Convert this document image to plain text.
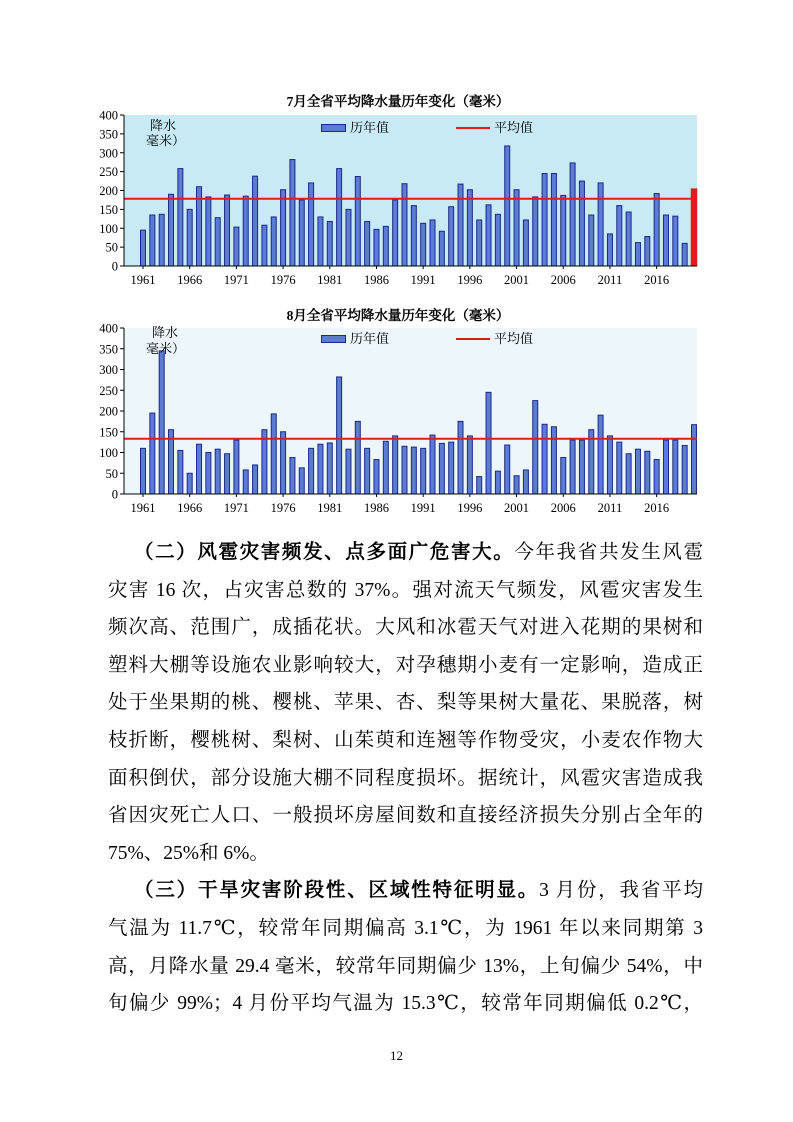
0
50
100
150
200
250
300
350
400
1961 1966 1971 1976 1981 1986 1991 1996 2001 2006 2011 2016
7月全省平均降水量历年变化（毫米）
降水
毫米）
历年值	平均值
0
50
100
150
200
250
300
350
400
1961 1966 1971 1976 1981 1986 1991 1996 2001 2006 2011 2016
8月全省平均降水量历年变化（毫米）
降水
毫米）
历年值	平均值
（二）风雹灾害频发、点多面广危害大。今年我省共发生风雹
灾害 16 次，占灾害总数的 37%。强对流天气频发，风雹灾害发生
频次高、范围广，成插花状。大风和冰雹天气对进入花期的果树和
塑料大棚等设施农业影响较大，对孕穗期小麦有一定影响，造成正
处于坐果期的桃、樱桃、苹果、杏、梨等果树大量花、果脱落，树
枝折断，樱桃树、梨树、山茱萸和连翘等作物受灾，小麦农作物大
面积倒伏，部分设施大棚不同程度损坏。据统计，风雹灾害造成我
省因灾死亡人口、一般损坏房屋间数和直接经济损失分别占全年的
75%、25%和 6%。
（三）干旱灾害阶段性、区域性特征明显。3 月份，我省平均
气温为 11.7℃，较常年同期偏高 3.1℃，为 1961 年以来同期第 3
高，月降水量 29.4 毫米，较常年同期偏少 13%，上旬偏少 54%，中
旬偏少 99%；4 月份平均气温为 15.3℃，较常年同期偏低 0.2℃，
12
